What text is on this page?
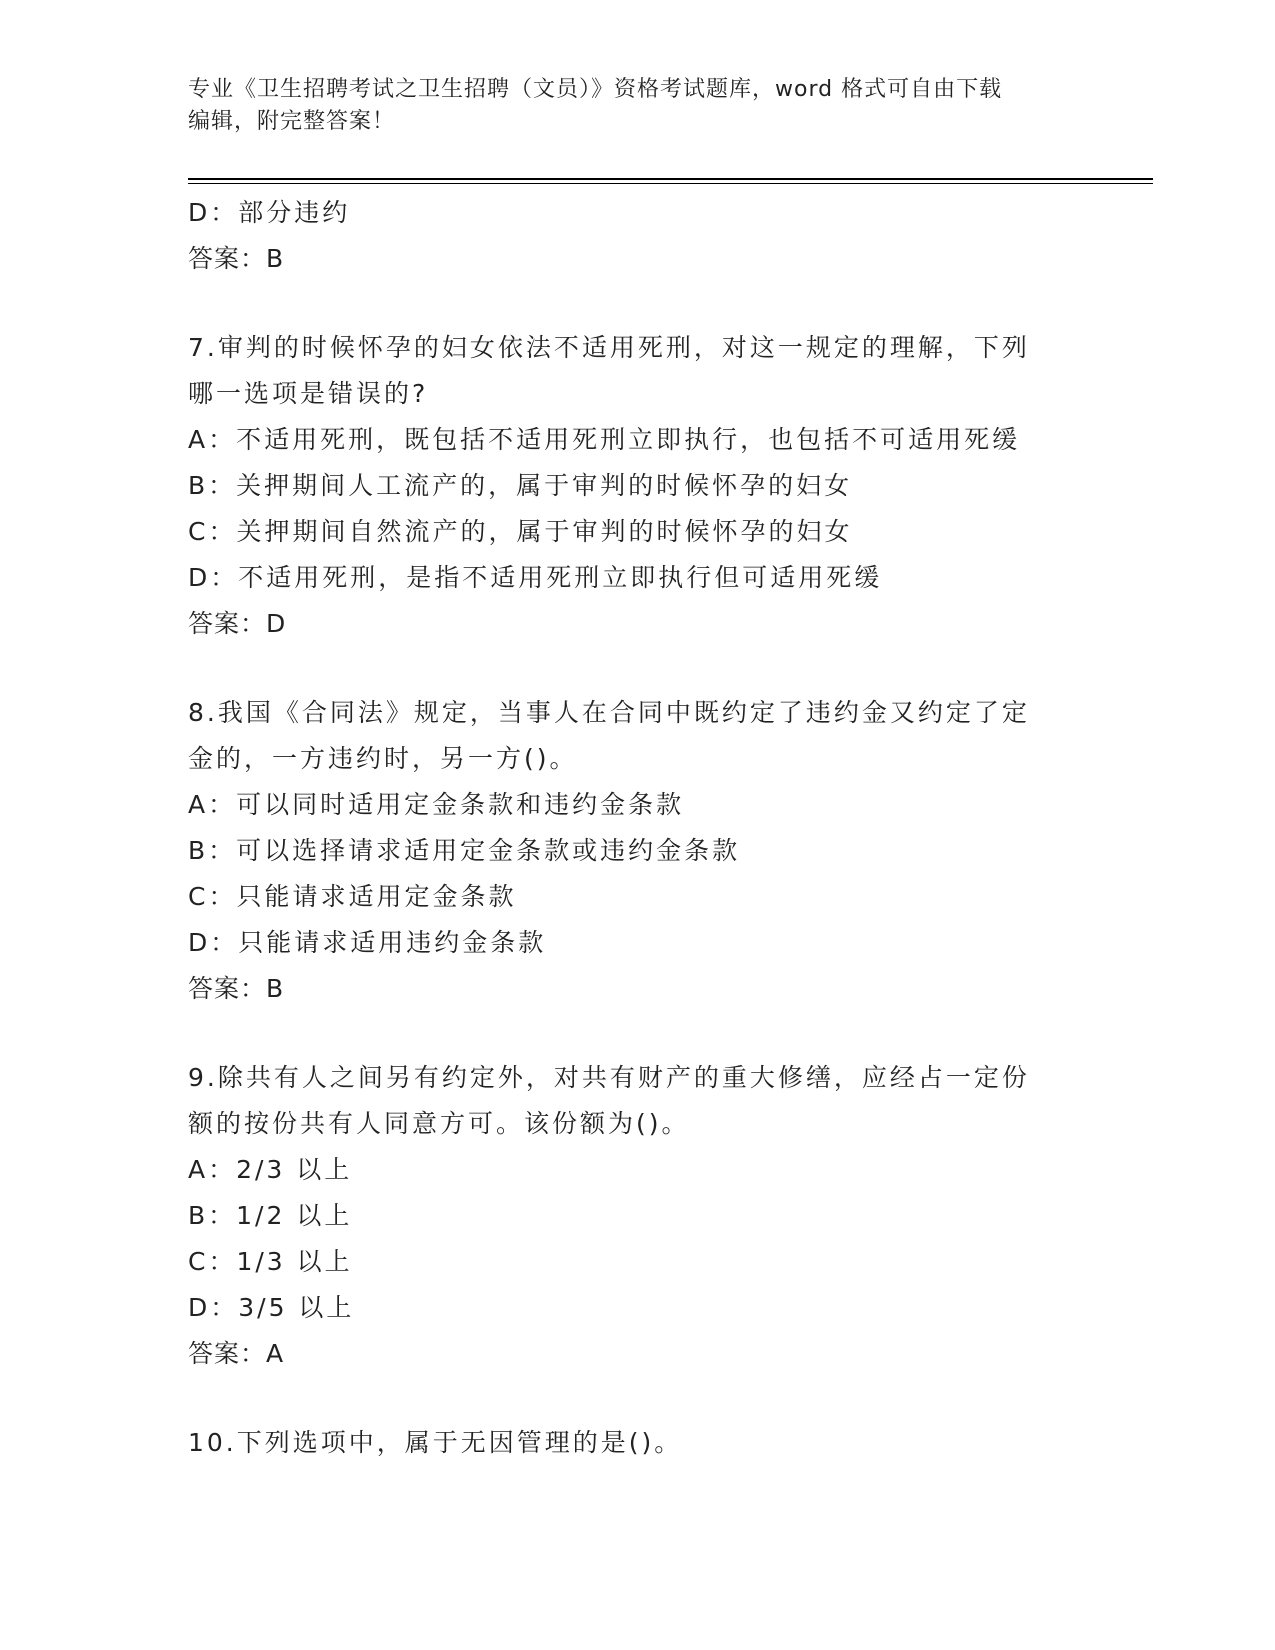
专业《卫生招聘考试之卫生招聘（文员）》资格考试题库，word 格式可自由下载
编辑，附完整答案！
D：部分违约
答案：B
7.审判的时候怀孕的妇女依法不适用死刑，对这一规定的理解，下列
哪一选项是错误的?
A：不适用死刑，既包括不适用死刑立即执行，也包括不可适用死缓
B：关押期间人工流产的，属于审判的时候怀孕的妇女
C：关押期间自然流产的，属于审判的时候怀孕的妇女
D：不适用死刑，是指不适用死刑立即执行但可适用死缓
答案：D
8.我国《合同法》规定，当事人在合同中既约定了违约金又约定了定
金的，一方违约时，另一方()。
A：可以同时适用定金条款和违约金条款
B：可以选择请求适用定金条款或违约金条款
C：只能请求适用定金条款
D：只能请求适用违约金条款
答案：B
9.除共有人之间另有约定外，对共有财产的重大修缮，应经占一定份
额的按份共有人同意方可。该份额为()。
A：2/3 以上
B：1/2 以上
C：1/3 以上
D：3/5 以上
答案：A
10.下列选项中，属于无因管理的是()。
